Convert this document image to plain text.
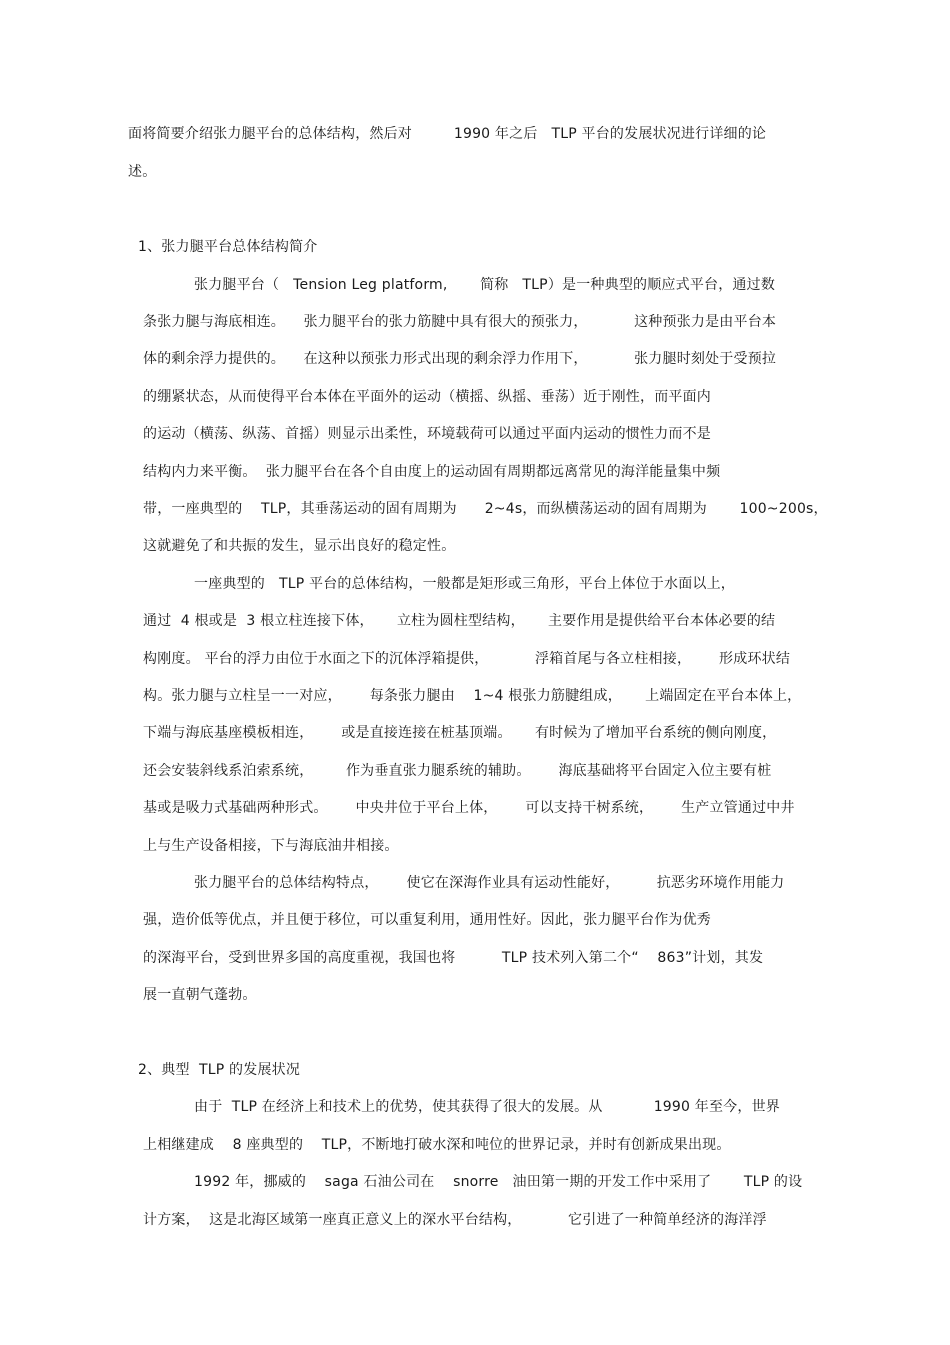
面将简要介绍张力腿平台的总体结构，然后对         1990 年之后   TLP 平台的发展状况进行详细的论
述。
1、张力腿平台总体结构简介
张力腿平台（   Tension Leg platform,       简称   TLP）是一种典型的顺应式平台，通过数
条张力腿与海底相连。    张力腿平台的张力筋腱中具有很大的预张力，          这种预张力是由平台本
体的剩余浮力提供的。    在这种以预张力形式出现的剩余浮力作用下，          张力腿时刻处于受预拉
的绷紧状态，从而使得平台本体在平面外的运动（横摇、纵摇、垂荡）近于刚性，而平面内
的运动（横荡、纵荡、首摇）则显示出柔性，环境载荷可以通过平面内运动的惯性力而不是
结构内力来平衡。  张力腿平台在各个自由度上的运动固有周期都远离常见的海洋能量集中频
带，一座典型的    TLP，其垂荡运动的固有周期为      2~4s，而纵横荡运动的固有周期为       100~200s，
这就避免了和共振的发生，显示出良好的稳定性。
一座典型的   TLP 平台的总体结构，一般都是矩形或三角形，平台上体位于水面以上，
通过  4 根或是  3 根立柱连接下体，     立柱为圆柱型结构，     主要作用是提供给平台本体必要的结
构刚度。 平台的浮力由位于水面之下的沉体浮箱提供，          浮箱首尾与各立柱相接，      形成环状结
构。张力腿与立柱呈一一对应，      每条张力腿由    1~4 根张力筋腱组成，     上端固定在平台本体上，
下端与海底基座模板相连，      或是直接连接在桩基顶端。     有时候为了增加平台系统的侧向刚度，
还会安装斜线系泊索系统，       作为垂直张力腿系统的辅助。      海底基础将平台固定入位主要有桩
基或是吸力式基础两种形式。      中央井位于平台上体，      可以支持干树系统，      生产立管通过中井
上与生产设备相接，下与海底油井相接。
张力腿平台的总体结构特点，      使它在深海作业具有运动性能好，        抗恶劣环境作用能力
强，造价低等优点，并且便于移位，可以重复利用，通用性好。因此，张力腿平台作为优秀
的深海平台，受到世界多国的高度重视，我国也将          TLP 技术列入第二个“    863”计划，其发
展一直朝气蓬勃。
2、典型  TLP 的发展状况
由于  TLP 在经济上和技术上的优势，使其获得了很大的发展。从           1990 年至今，世界
上相继建成    8 座典型的    TLP，不断地打破水深和吨位的世界记录，并时有创新成果出现。
1992 年，挪威的    saga 石油公司在    snorre   油田第一期的开发工作中采用了       TLP 的设
计方案，  这是北海区域第一座真正意义上的深水平台结构，          它引进了一种简单经济的海洋浮
